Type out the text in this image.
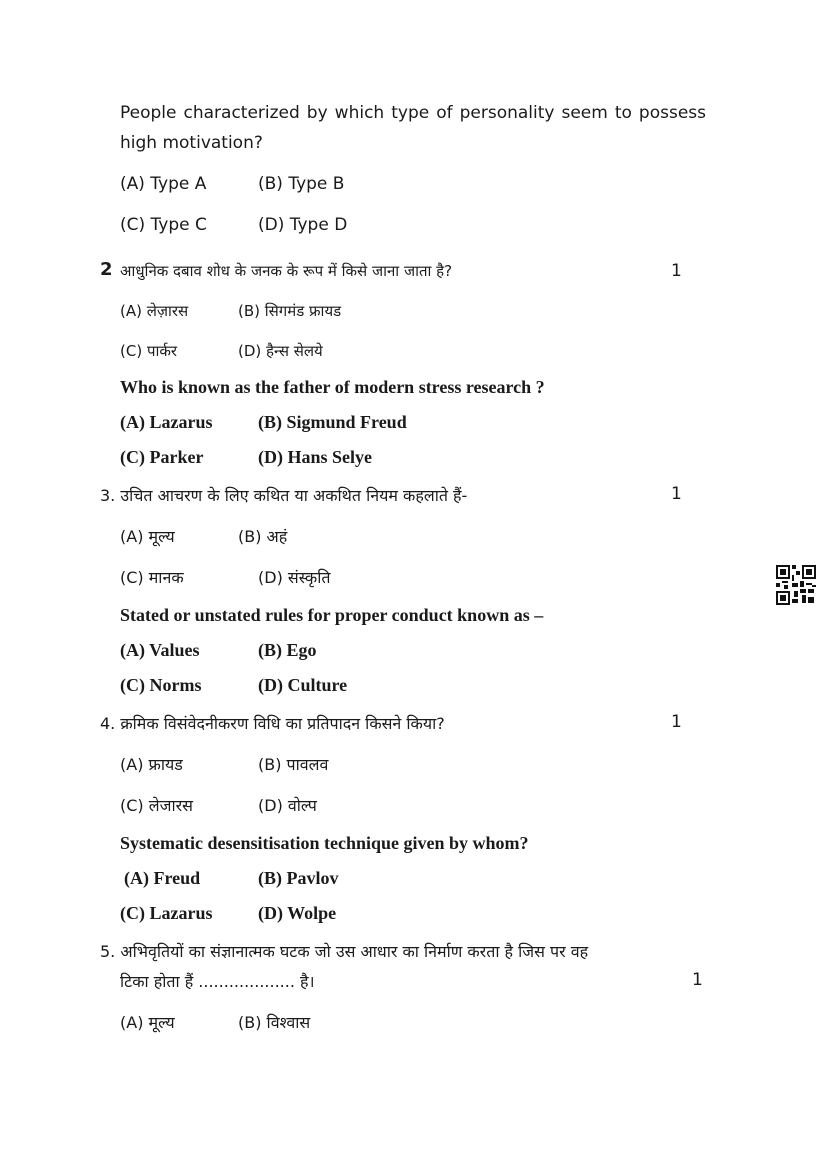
People characterized by which type of personality seem to possess high motivation?
(A) Type A	(B) Type B
(C) Type C	(D) Type D
2 आधुनिक दबाव शोध के जनक के रूप में किसे जाना जाता है?	1
(A) लेज़ारस	(B) सिगमंड फ्रायड
(C) पार्कर	(D) हैन्स सेलये
Who is known as the father of modern stress research ?
(A) Lazarus	(B) Sigmund Freud
(C) Parker	(D) Hans Selye
3. उचित आचरण के लिए कथित या अकथित नियम कहलाते हैं-	1
(A) मूल्य	(B) अहं
(C) मानक	(D) संस्कृति
Stated or unstated rules for proper conduct known as –
(A) Values	(B) Ego
(C) Norms	(D) Culture
4. क्रमिक विसंवेदनीकरण विधि का प्रतिपादन किसने किया?	1
(A) फ्रायड	(B) पावलव
(C) लेजारस	(D) वोल्प
Systematic desensitisation technique given by whom?
(A) Freud	(B) Pavlov
(C) Lazarus	(D) Wolpe
5. अभिवृतियों का संज्ञानात्मक घटक जो उस आधार का निर्माण करता है जिस पर वह
टिका होता हैं ................... है।	1
(A) मूल्य	(B) विश्वास
